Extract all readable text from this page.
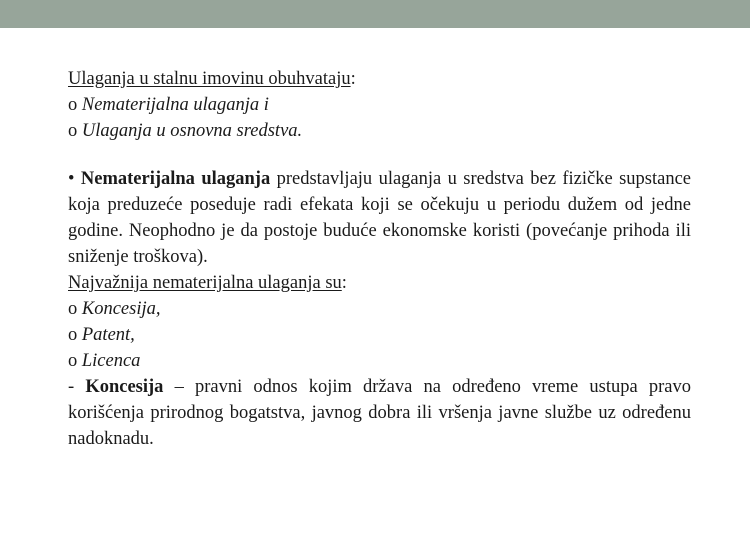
Ulaganja u stalnu imovinu obuhvataju:
o Nematerijalna ulaganja i
o Ulaganja u osnovna sredstva.
• Nematerijalna ulaganja predstavljaju ulaganja u sredstva bez fizičke supstance koja preduzeće poseduje radi efekata koji se očekuju u periodu dužem od jedne godine. Neophodno je da postoje buduće ekonomske koristi (povećanje prihoda ili sniženje troškova).
Najvažnija nematerijalna ulaganja su:
o Koncesija,
o Patent,
o Licenca
- Koncesija – pravni odnos kojim država na određeno vreme ustupa pravo korišćenja prirodnog bogatstva, javnog dobra ili vršenja javne službe uz određenu nadoknadu.
